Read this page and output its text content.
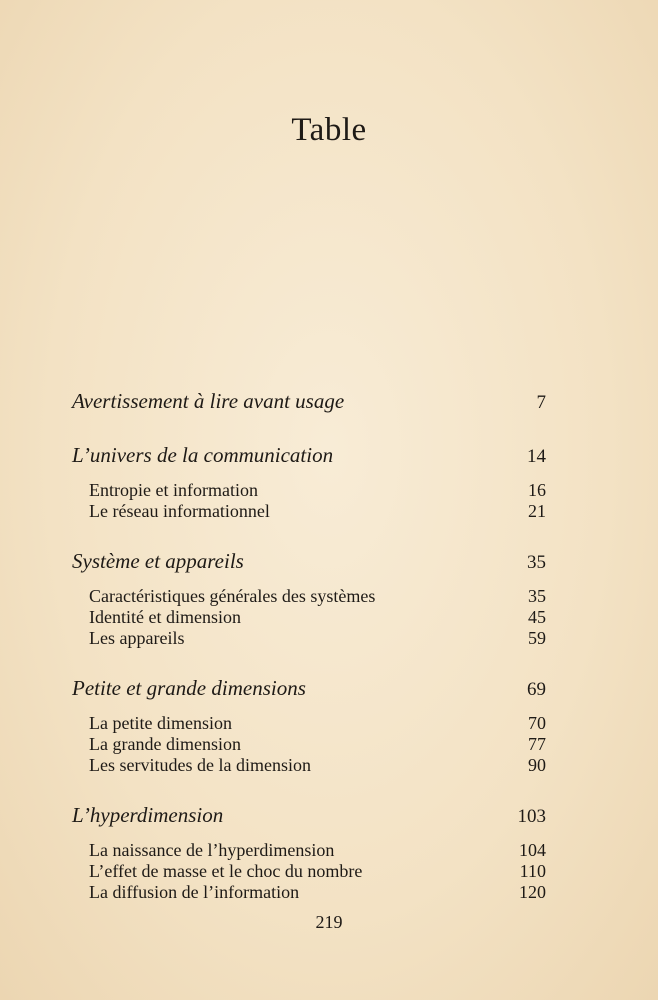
Table
Avertissement à lire avant usage	7
L’univers de la communication	14
Entropie et information	16
Le réseau informationnel	21
Système et appareils	35
Caractéristiques générales des systèmes	35
Identité et dimension	45
Les appareils	59
Petite et grande dimensions	69
La petite dimension	70
La grande dimension	77
Les servitudes de la dimension	90
L’hyperdimension	103
La naissance de l’hyperdimension	104
L’effet de masse et le choc du nombre	110
La diffusion de l’information	120
219
